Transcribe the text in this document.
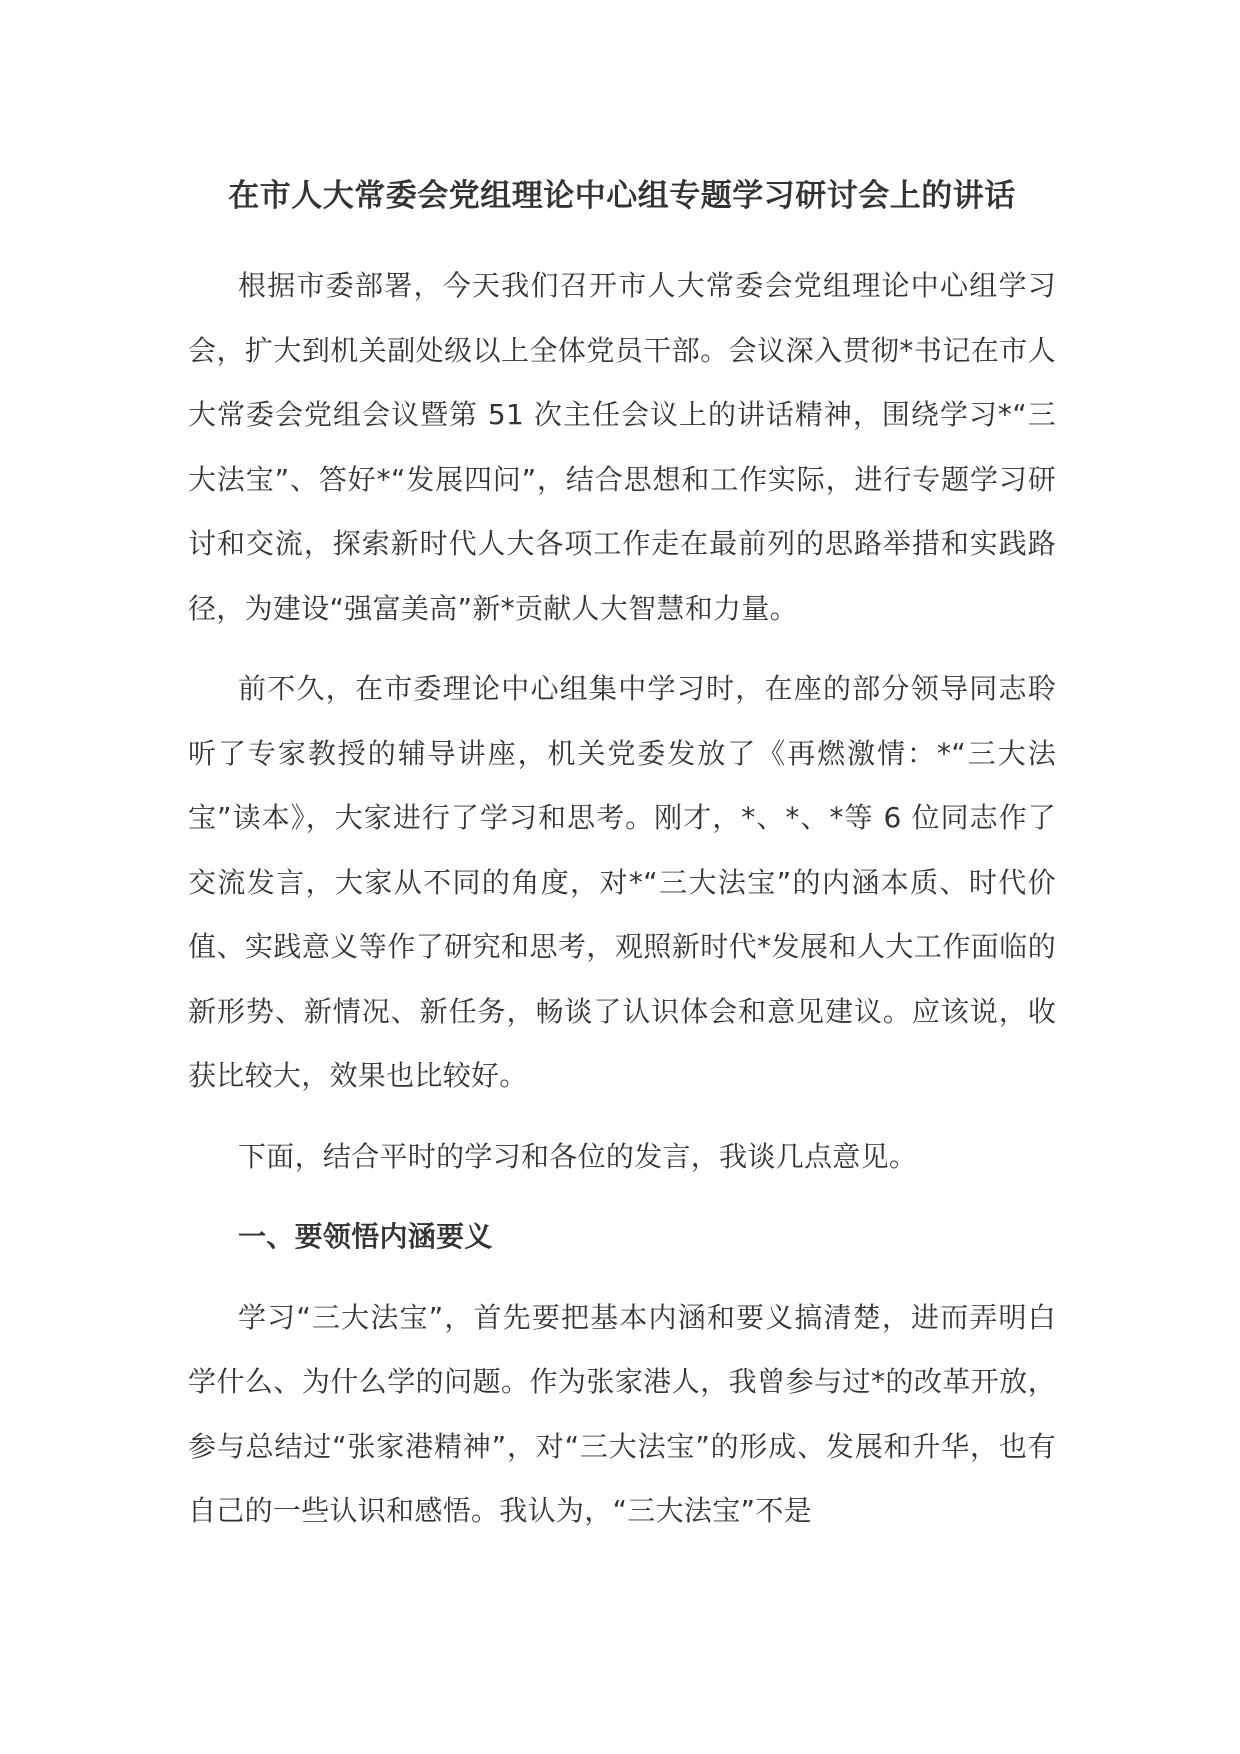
在市人大常委会党组理论中心组专题学习研讨会上的讲话

根据市委部署，今天我们召开市人大常委会党组理论中心组学习会，扩大到机关副处级以上全体党员干部。会议深入贯彻*书记在市人大常委会党组会议暨第 51 次主任会议上的讲话精神，围绕学习*“三大法宝”、答好*“发展四问”，结合思想和工作实际，进行专题学习研讨和交流，探索新时代人大各项工作走在最前列的思路举措和实践路径，为建设“强富美高”新*贡献人大智慧和力量。

前不久，在市委理论中心组集中学习时，在座的部分领导同志聆听了专家教授的辅导讲座，机关党委发放了《再燃激情：*“三大法宝”读本》，大家进行了学习和思考。刚才，*、*、*等 6 位同志作了交流发言，大家从不同的角度，对*“三大法宝”的内涵本质、时代价值、实践意义等作了研究和思考，观照新时代*发展和人大工作面临的新形势、新情况、新任务，畅谈了认识体会和意见建议。应该说，收获比较大，效果也比较好。

下面，结合平时的学习和各位的发言，我谈几点意见。

一、要领悟内涵要义

学习“三大法宝”，首先要把基本内涵和要义搞清楚，进而弄明白学什么、为什么学的问题。作为张家港人，我曾参与过*的改革开放，参与总结过“张家港精神”，对“三大法宝”的形成、发展和升华，也有自己的一些认识和感悟。我认为，“三大法宝”不是
